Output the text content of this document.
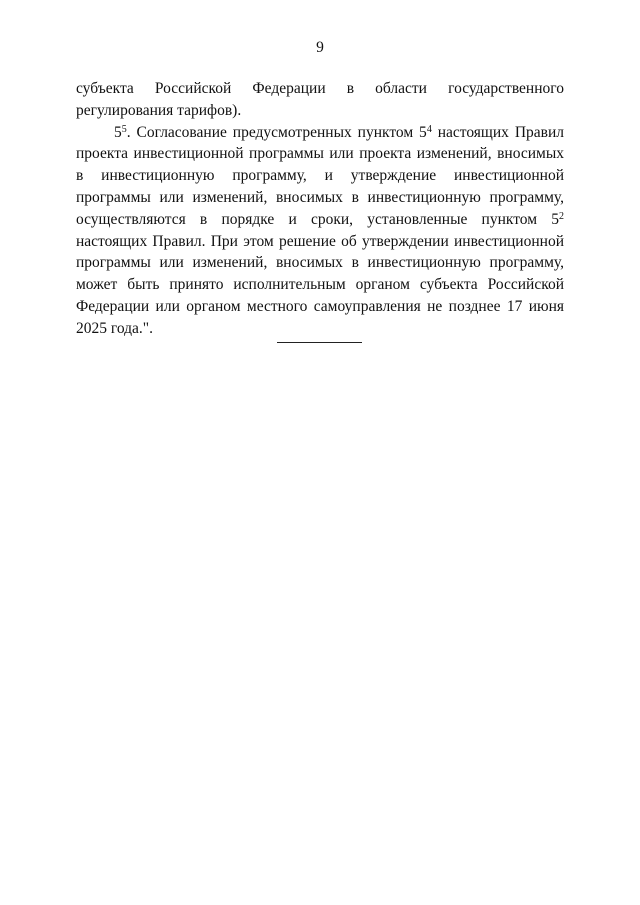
9

субъекта Российской Федерации в области государственного регулирования тарифов).

$5^5$. Согласование предусмотренных пунктом $5^4$ настоящих Правил проекта инвестиционной программы или проекта изменений, вносимых в инвестиционную программу, и утверждение инвестиционной программы или изменений, вносимых в инвестиционную программу, осуществляются в порядке и сроки, установленные пунктом $5^2$ настоящих Правил. При этом решение об утверждении инвестиционной программы или изменений, вносимых в инвестиционную программу, может быть принято исполнительным органом субъекта Российской Федерации или органом местного самоуправления не позднее 17 июня 2025 года.".
